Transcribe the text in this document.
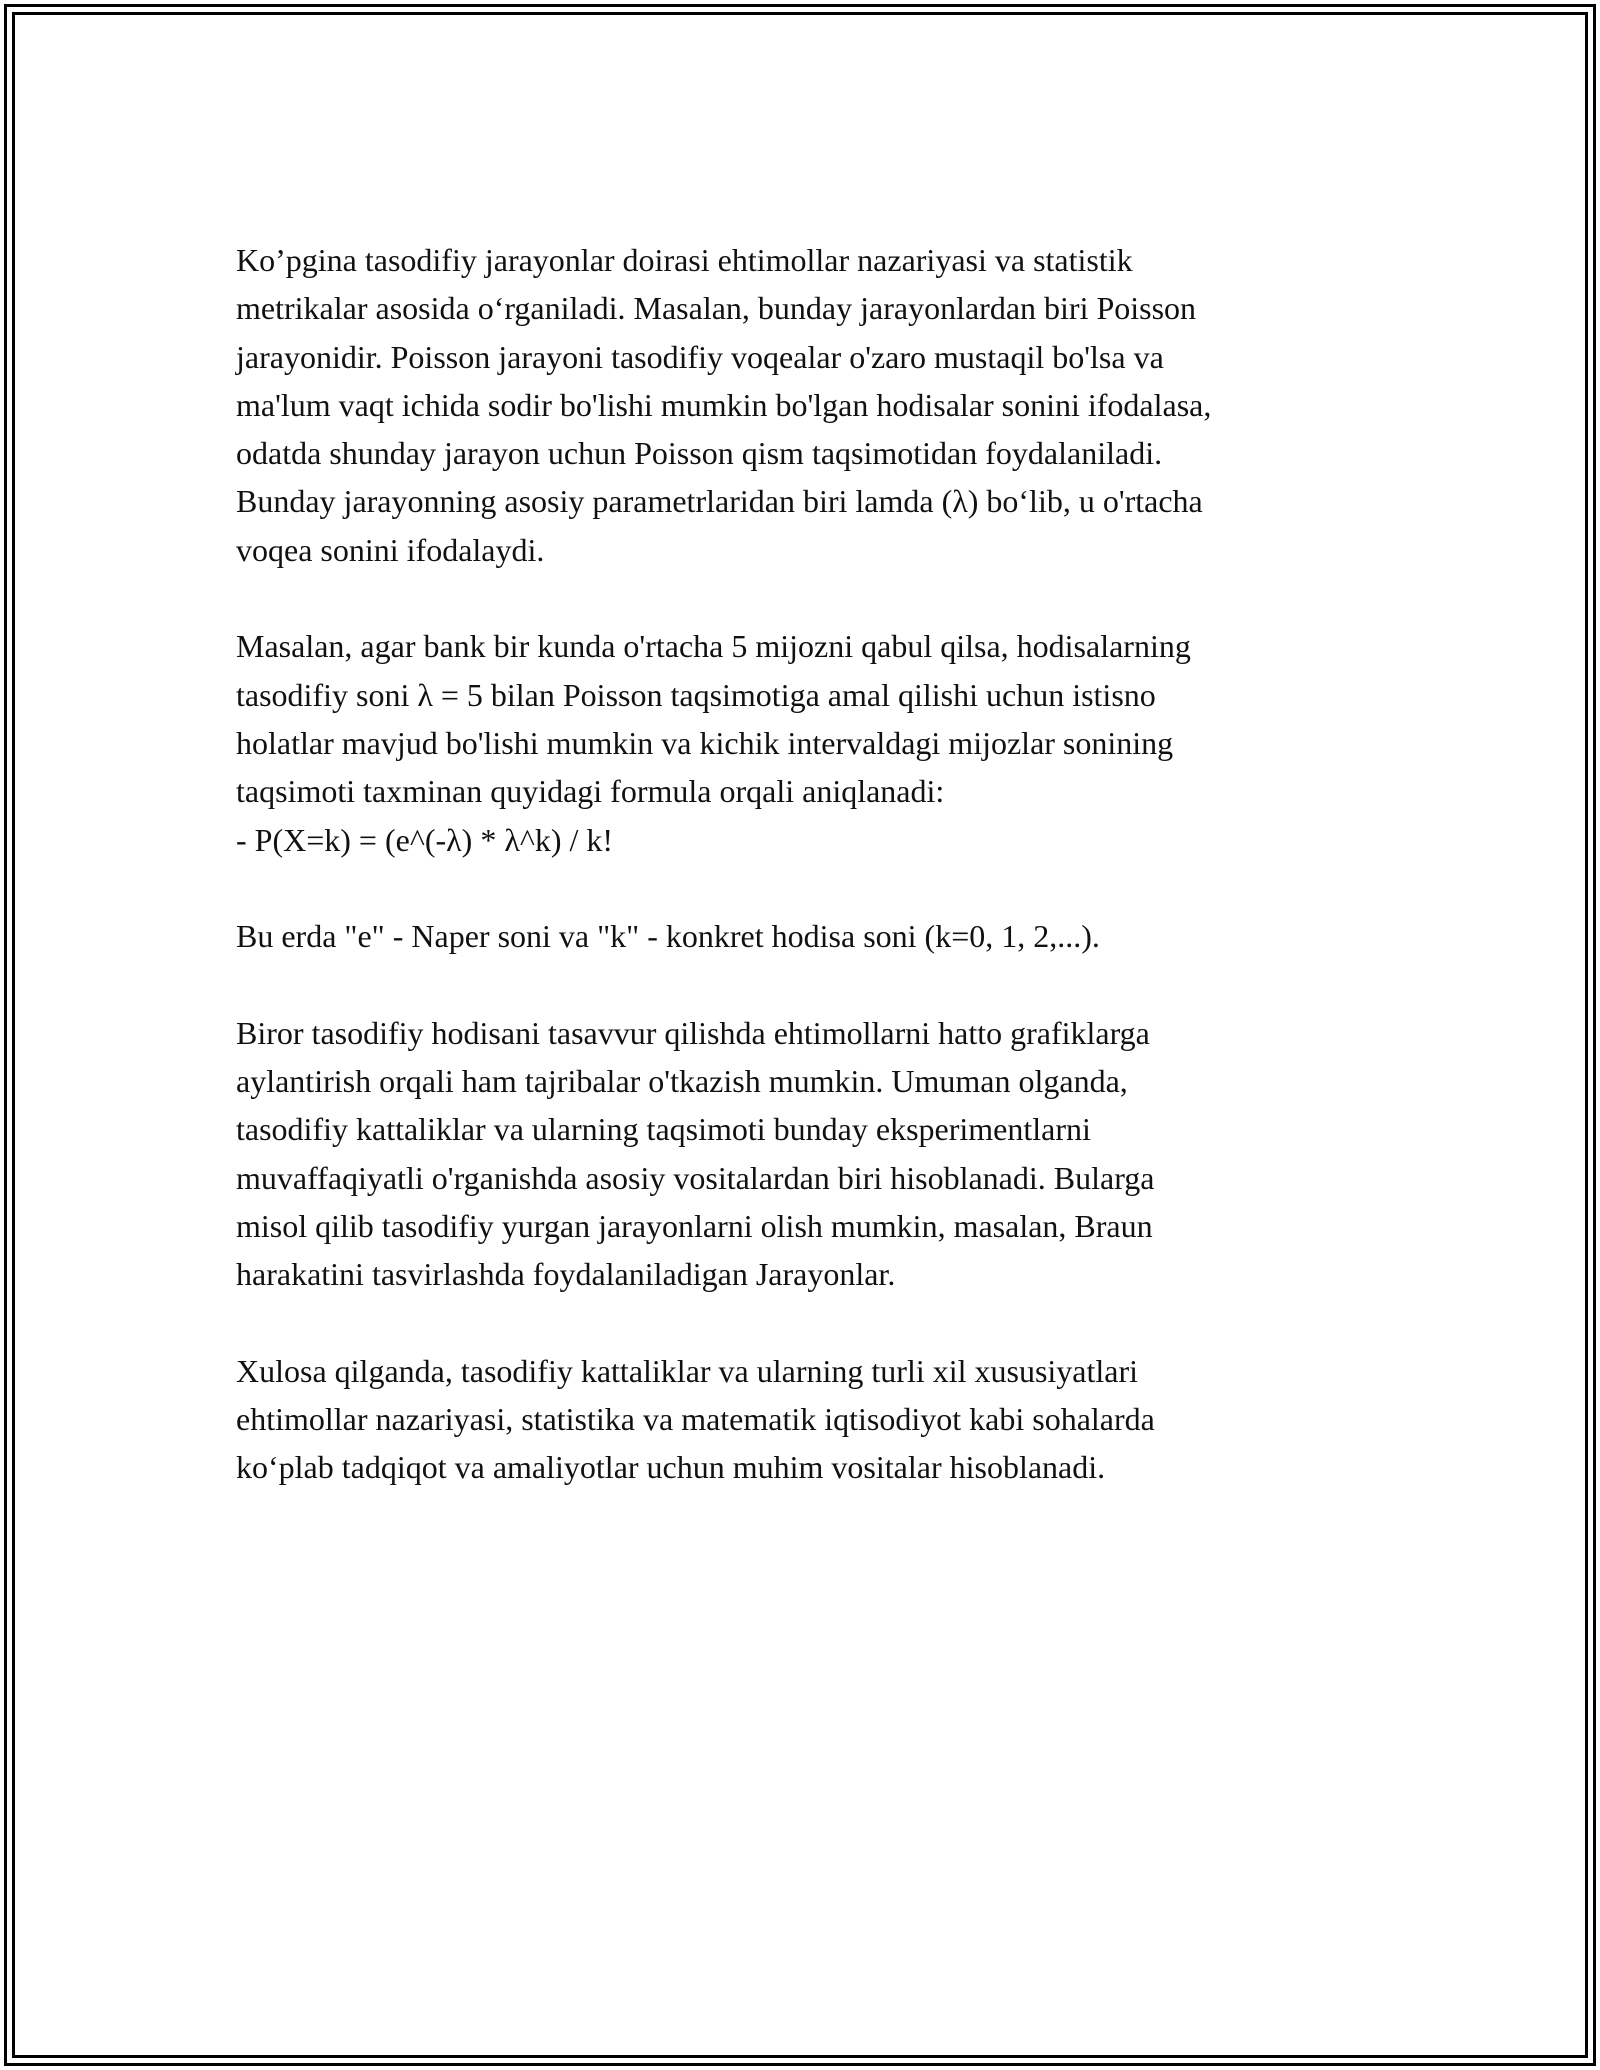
Ko’pgina tasodifiy jarayonlar doirasi ehtimollar nazariyasi va statistik
metrikalar asosida o‘rganiladi. Masalan, bunday jarayonlardan biri Poisson
jarayonidir. Poisson jarayoni tasodifiy voqealar o'zaro mustaqil bo'lsa va
ma'lum vaqt ichida sodir bo'lishi mumkin bo'lgan hodisalar sonini ifodalasa,
odatda shunday jarayon uchun Poisson qism taqsimotidan foydalaniladi.
Bunday jarayonning asosiy parametrlaridan biri lamda (λ) bo‘lib, u o'rtacha
voqea sonini ifodalaydi.

Masalan, agar bank bir kunda o'rtacha 5 mijozni qabul qilsa, hodisalarning
tasodifiy soni λ = 5 bilan Poisson taqsimotiga amal qilishi uchun istisno
holatlar mavjud bo'lishi mumkin va kichik intervaldagi mijozlar sonining
taqsimoti taxminan quyidagi formula orqali aniqlanadi:
- P(X=k) = (e^(-λ) * λ^k) / k!

Bu erda "e" - Naper soni va "k" - konkret hodisa soni (k=0, 1, 2,...).

Biror tasodifiy hodisani tasavvur qilishda ehtimollarni hatto grafiklarga
aylantirish orqali ham tajribalar o'tkazish mumkin. Umuman olganda,
tasodifiy kattaliklar va ularning taqsimoti bunday eksperimentlarni
muvaffaqiyatli o'rganishda asosiy vositalardan biri hisoblanadi. Bularga
misol qilib tasodifiy yurgan jarayonlarni olish mumkin, masalan, Braun
harakatini tasvirlashda foydalaniladigan Jarayonlar.

Xulosa qilganda, tasodifiy kattaliklar va ularning turli xil xususiyatlari
ehtimollar nazariyasi, statistika va matematik iqtisodiyot kabi sohalarda
ko‘plab tadqiqot va amaliyotlar uchun muhim vositalar hisoblanadi.
